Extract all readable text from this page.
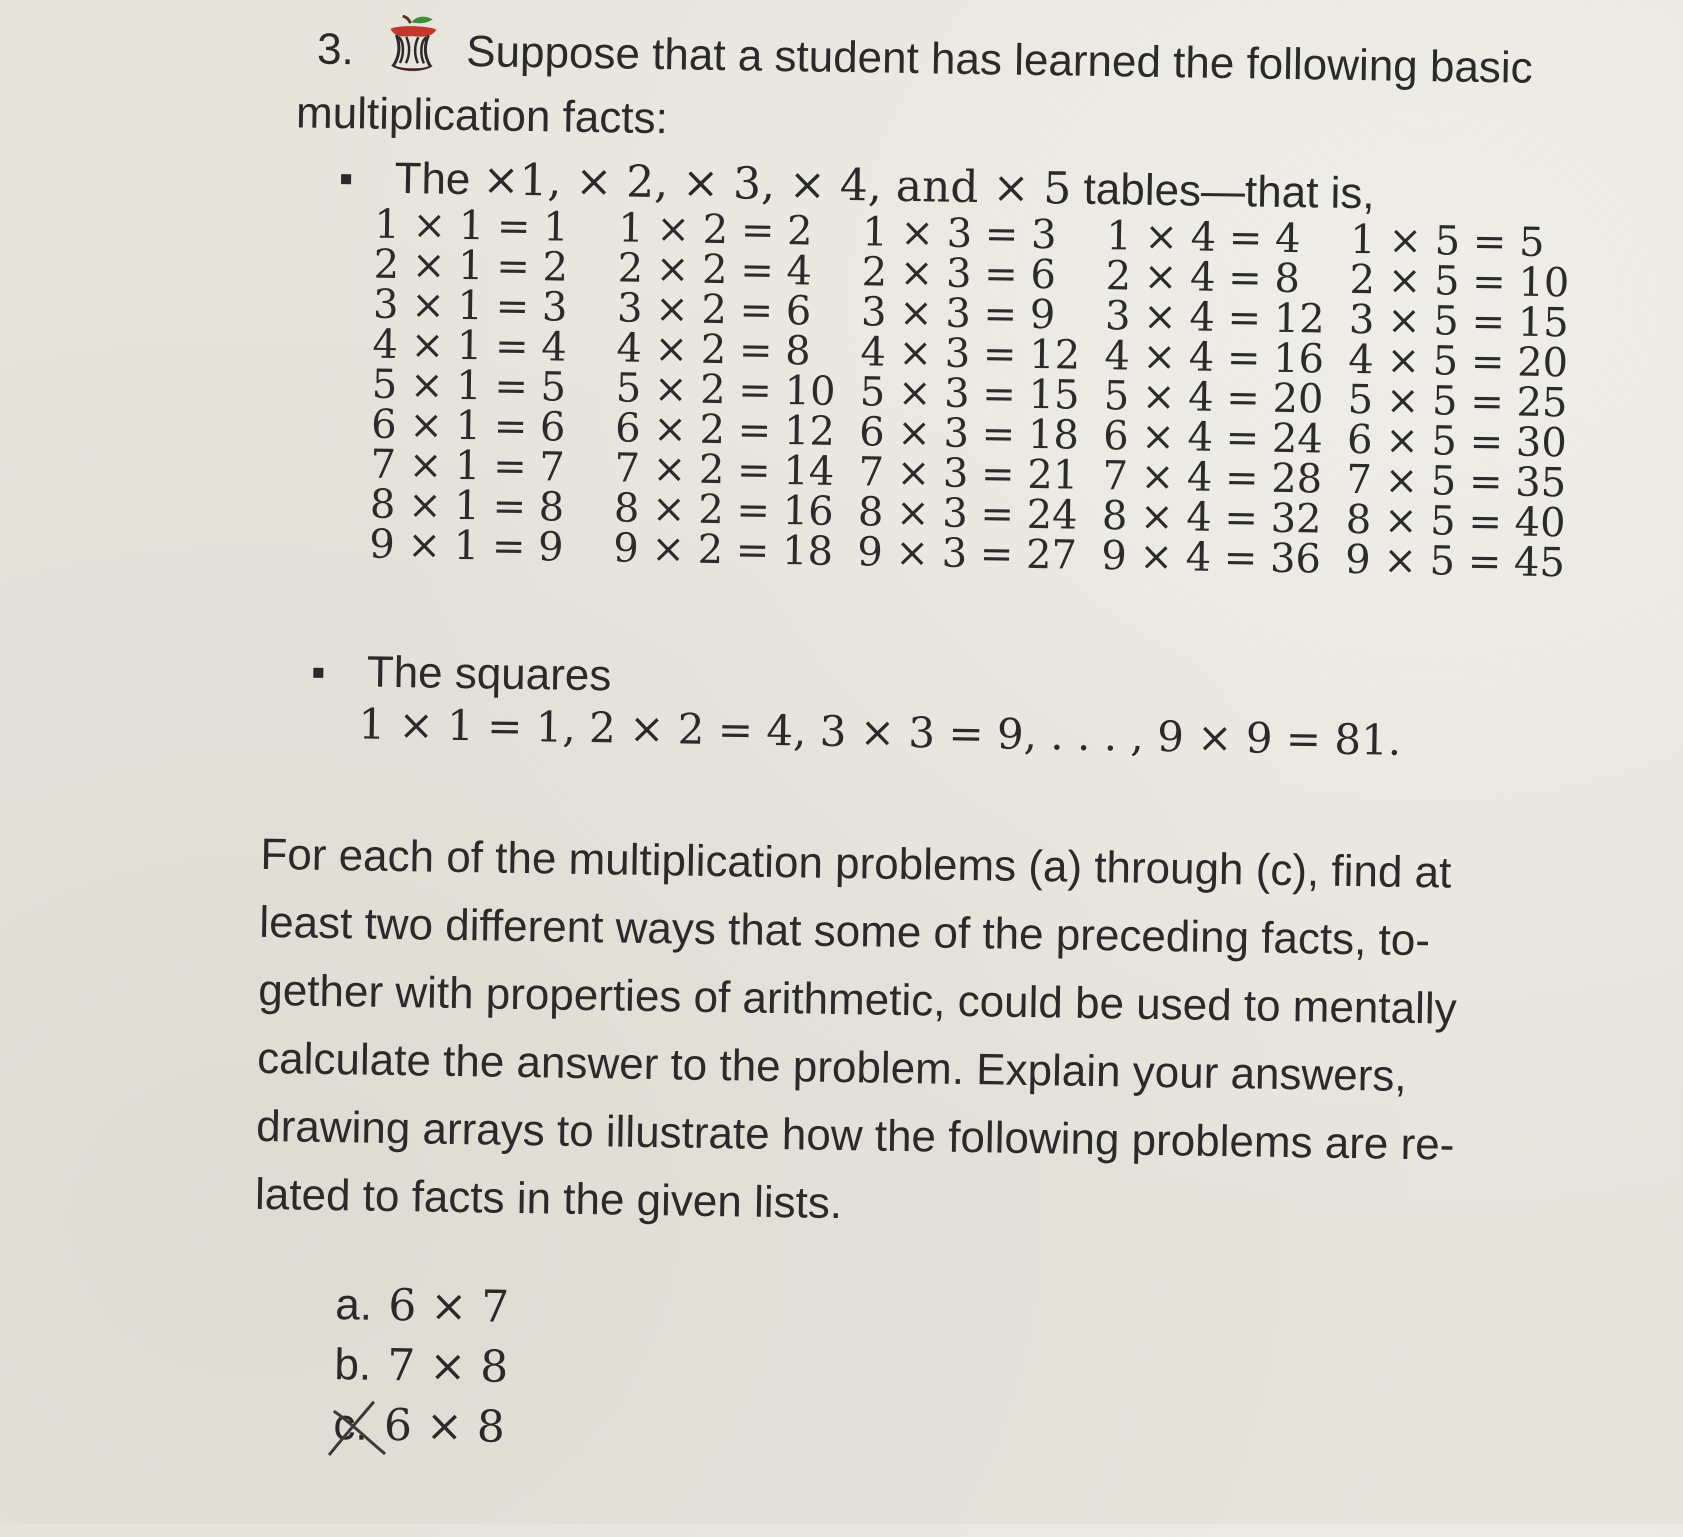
3.	Suppose that a student has learned the following basic
multiplication facts:
The ×1, × 2, × 3, × 4, and × 5 tables—that is,
1 × 1 = 1	1 × 2 = 2	1 × 3 = 3	1 × 4 = 4	1 × 5 = 5
2 × 1 = 2	2 × 2 = 4	2 × 3 = 6	2 × 4 = 8	2 × 5 = 10
3 × 1 = 3	3 × 2 = 6	3 × 3 = 9	3 × 4 = 12 3 × 5 = 15
4 × 1 = 4	4 × 2 = 8	4 × 3 = 12 4 × 4 = 16 4 × 5 = 20
5 × 1 = 5	5 × 2 = 10 5 × 3 = 15 5 × 4 = 20 5 × 5 = 25
6 × 1 = 6	6 × 2 = 12 6 × 3 = 18 6 × 4 = 24 6 × 5 = 30
7 × 1 = 7	7 × 2 = 14 7 × 3 = 21 7 × 4 = 28 7 × 5 = 35
8 × 1 = 8	8 × 2 = 16 8 × 3 = 24 8 × 4 = 32 8 × 5 = 40
9 × 1 = 9	9 × 2 = 18 9 × 3 = 27 9 × 4 = 36 9 × 5 = 45
The squares
1 × 1 = 1, 2 × 2 = 4, 3 × 3 = 9, . . . , 9 × 9 = 81.
For each of the multiplication problems (a) through (c), find at
least two different ways that some of the preceding facts, to-
gether with properties of arithmetic, could be used to mentally
calculate the answer to the problem. Explain your answers,
drawing arrays to illustrate how the following problems are re-
lated to facts in the given lists.
a. 6 × 7
b. 7 × 8
c. 6 × 8
